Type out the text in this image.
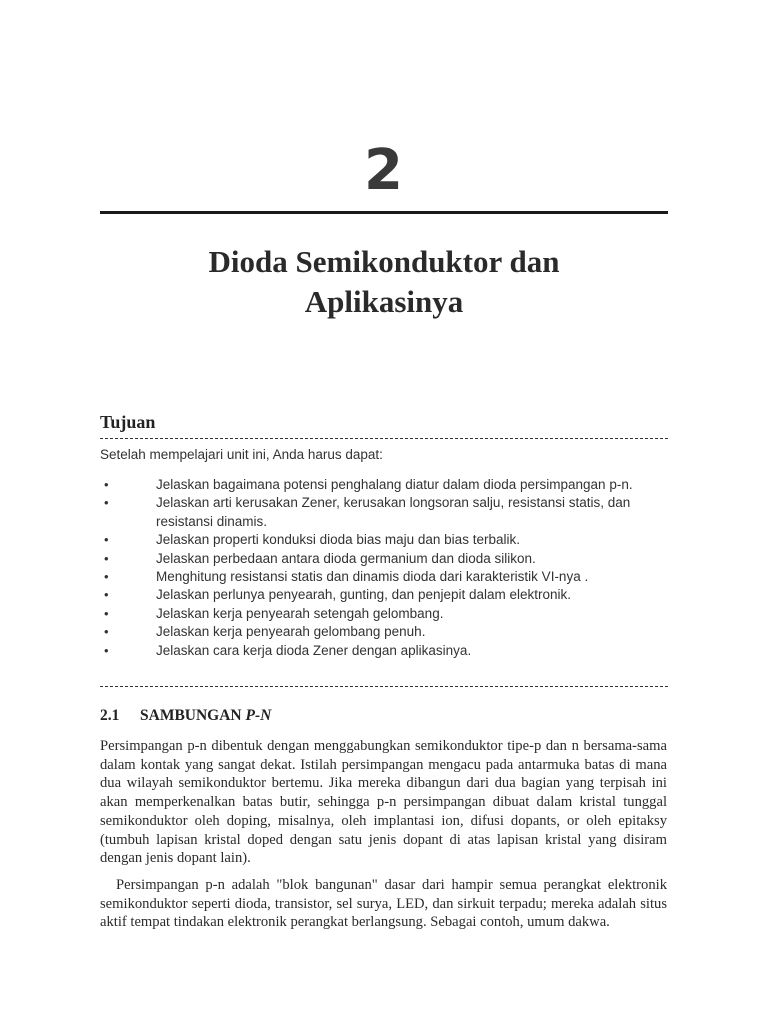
2
Dioda Semikonduktor dan
Aplikasinya
Tujuan
Setelah mempelajari unit ini, Anda harus dapat:
•	Jelaskan bagaimana potensi penghalang diatur dalam dioda persimpangan p-n.
•	Jelaskan arti kerusakan Zener, kerusakan longsoran salju, resistansi statis, dan resistansi dinamis.
•	Jelaskan properti konduksi dioda bias maju dan bias terbalik.
•	Jelaskan perbedaan antara dioda germanium dan dioda silikon.
•	Menghitung resistansi statis dan dinamis dioda dari karakteristik VI-nya .
•	Jelaskan perlunya penyearah, gunting, dan penjepit dalam elektronik.
•	Jelaskan kerja penyearah setengah gelombang.
•	Jelaskan kerja penyearah gelombang penuh.
•	Jelaskan cara kerja dioda Zener dengan aplikasinya.
2.1 SAMBUNGAN P-N

Persimpangan p-n dibentuk dengan menggabungkan semikonduktor tipe-p dan n bersama-sama dalam kontak yang sangat dekat. Istilah persimpangan mengacu pada antarmuka batas di mana dua wilayah semikonduktor bertemu. Jika mereka dibangun dari dua bagian yang terpisah ini akan memperkenalkan batas butir, sehingga p-n persimpangan dibuat dalam kristal tunggal semikonduktor oleh doping, misalnya, oleh implantasi ion, difusi dopants, or oleh epitaksy (tumbuh lapisan kristal doped dengan satu jenis dopant di atas lapisan kristal yang disiram dengan jenis dopant lain).

Persimpangan p-n adalah "blok bangunan" dasar dari hampir semua perangkat elektronik semikonduktor seperti dioda, transistor, sel surya, LED, dan sirkuit terpadu; mereka adalah situs aktif tempat tindakan elektronik perangkat berlangsung. Sebagai contoh, umum dakwa.
